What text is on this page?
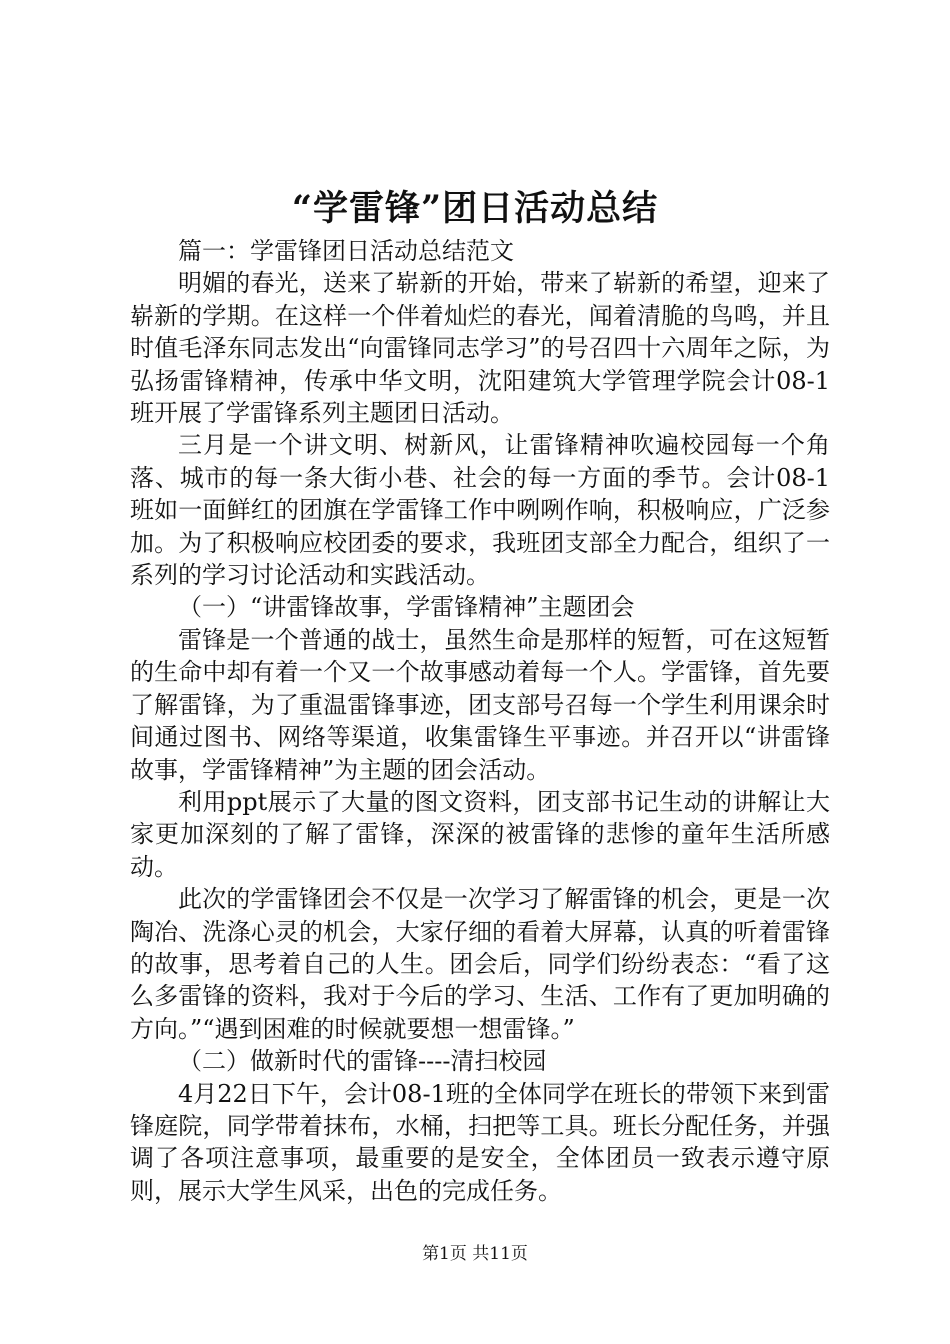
“学雷锋”团日活动总结

篇一：学雷锋团日活动总结范文

明媚的春光，送来了崭新的开始，带来了崭新的希望，迎来了崭新的学期。在这样一个伴着灿烂的春光，闻着清脆的鸟鸣，并且时值毛泽东同志发出“向雷锋同志学习”的号召四十六周年之际，为弘扬雷锋精神，传承中华文明，沈阳建筑大学管理学院会计08-1班开展了学雷锋系列主题团日活动。

三月是一个讲文明、树新风，让雷锋精神吹遍校园每一个角落、城市的每一条大街小巷、社会的每一方面的季节。会计08-1班如一面鲜红的团旗在学雷锋工作中咧咧作响，积极响应，广泛参加。为了积极响应校团委的要求，我班团支部全力配合，组织了一系列的学习讨论活动和实践活动。

（一）“讲雷锋故事，学雷锋精神”主题团会

雷锋是一个普通的战士，虽然生命是那样的短暂，可在这短暂的生命中却有着一个又一个故事感动着每一个人。学雷锋，首先要了解雷锋，为了重温雷锋事迹，团支部号召每一个学生利用课余时间通过图书、网络等渠道，收集雷锋生平事迹。并召开以“讲雷锋故事，学雷锋精神”为主题的团会活动。

利用ppt展示了大量的图文资料，团支部书记生动的讲解让大家更加深刻的了解了雷锋，深深的被雷锋的悲惨的童年生活所感动。

此次的学雷锋团会不仅是一次学习了解雷锋的机会，更是一次陶冶、洗涤心灵的机会，大家仔细的看着大屏幕，认真的听着雷锋的故事，思考着自己的人生。团会后，同学们纷纷表态：“看了这么多雷锋的资料，我对于今后的学习、生活、工作有了更加明确的方向。”“遇到困难的时候就要想一想雷锋。”

（二）做新时代的雷锋----清扫校园

4月22日下午，会计08-1班的全体同学在班长的带领下来到雷锋庭院，同学带着抹布，水桶，扫把等工具。班长分配任务，并强调了各项注意事项，最重要的是安全，全体团员一致表示遵守原则，展示大学生风采，出色的完成任务。

第1页 共11页
